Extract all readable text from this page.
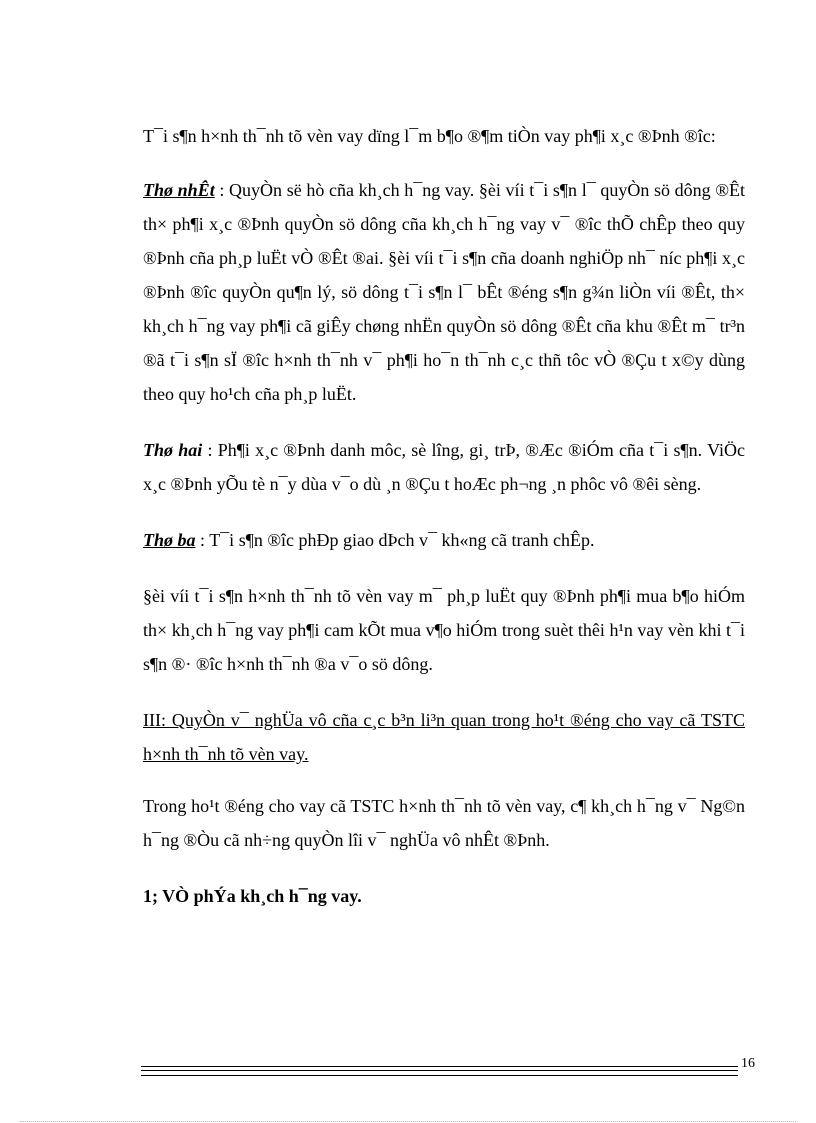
T¯i s¶n h×nh th¯nh tõ vèn vay dïng l¯m b¶o ®¶m tiÒn vay ph¶i x¸c ®Þnh ®îc:

Thø nhÊt : QuyÒn së hò cña kh¸ch h¯ng vay. §èi víi t¯i s¶n l¯ quyÒn sö dông ®Êt th× ph¶i x¸c ®Þnh quyÒn sö dông cña kh¸ch h¯ng vay v¯ ®îc thÕ chÊp theo quy ®Þnh cña ph¸p luËt vÒ ®Êt ®ai. §èi víi t¯i s¶n cña doanh nghiÖp nh¯ níc ph¶i x¸c ®Þnh ®îc quyÒn qu¶n lý, sö dông t¯i s¶n l¯ bÊt ®éng s¶n g¾n liÒn víi ®Êt, th× kh¸ch h¯ng vay ph¶i cã giÊy chøng nhËn quyÒn sö dông ®Êt cña khu ®Êt m¯ tr³n ®ã t¯i s¶n sÏ ®îc h×nh th¯nh v¯ ph¶i ho¯n th¯nh c¸c thñ tôc vÒ ®Çu t x©y dùng theo quy ho¹ch cña ph¸p luËt.

Thø hai : Ph¶i x¸c ®Þnh danh môc, sè lîng, gi¸ trÞ, ®Æc ®iÓm cña t¯i s¶n. ViÖc x¸c ®Þnh yÕu tè n¯y dùa v¯o dù ¸n ®Çu t hoÆc ph¬ng ¸n phôc vô ®êi sèng.

Thø ba : T¯i s¶n ®îc phÐp giao dÞch v¯ kh«ng cã tranh chÊp.

§èi víi t¯i s¶n h×nh th¯nh tõ vèn vay m¯ ph¸p luËt quy ®Þnh ph¶i mua b¶o hiÓm th× kh¸ch h¯ng vay ph¶i cam kÕt mua v¶o hiÓm trong suèt thêi h¹n vay vèn khi t¯i s¶n ®· ®îc h×nh th¯nh ®a v¯o sö dông.

III: QuyÒn v¯ nghÜa vô cña c¸c b³n li³n quan trong ho¹t ®éng cho vay cã TSTC h×nh th¯nh tõ vèn vay.

Trong ho¹t ®éng cho vay cã TSTC h×nh th¯nh tõ vèn vay, c¶ kh¸ch h¯ng v¯ Ng©n h¯ng ®Òu cã nh÷ng quyÒn lîi v¯ nghÜa vô nhÊt ®Þnh.

1; VÒ phÝa kh¸ch h¯ng vay.

16
